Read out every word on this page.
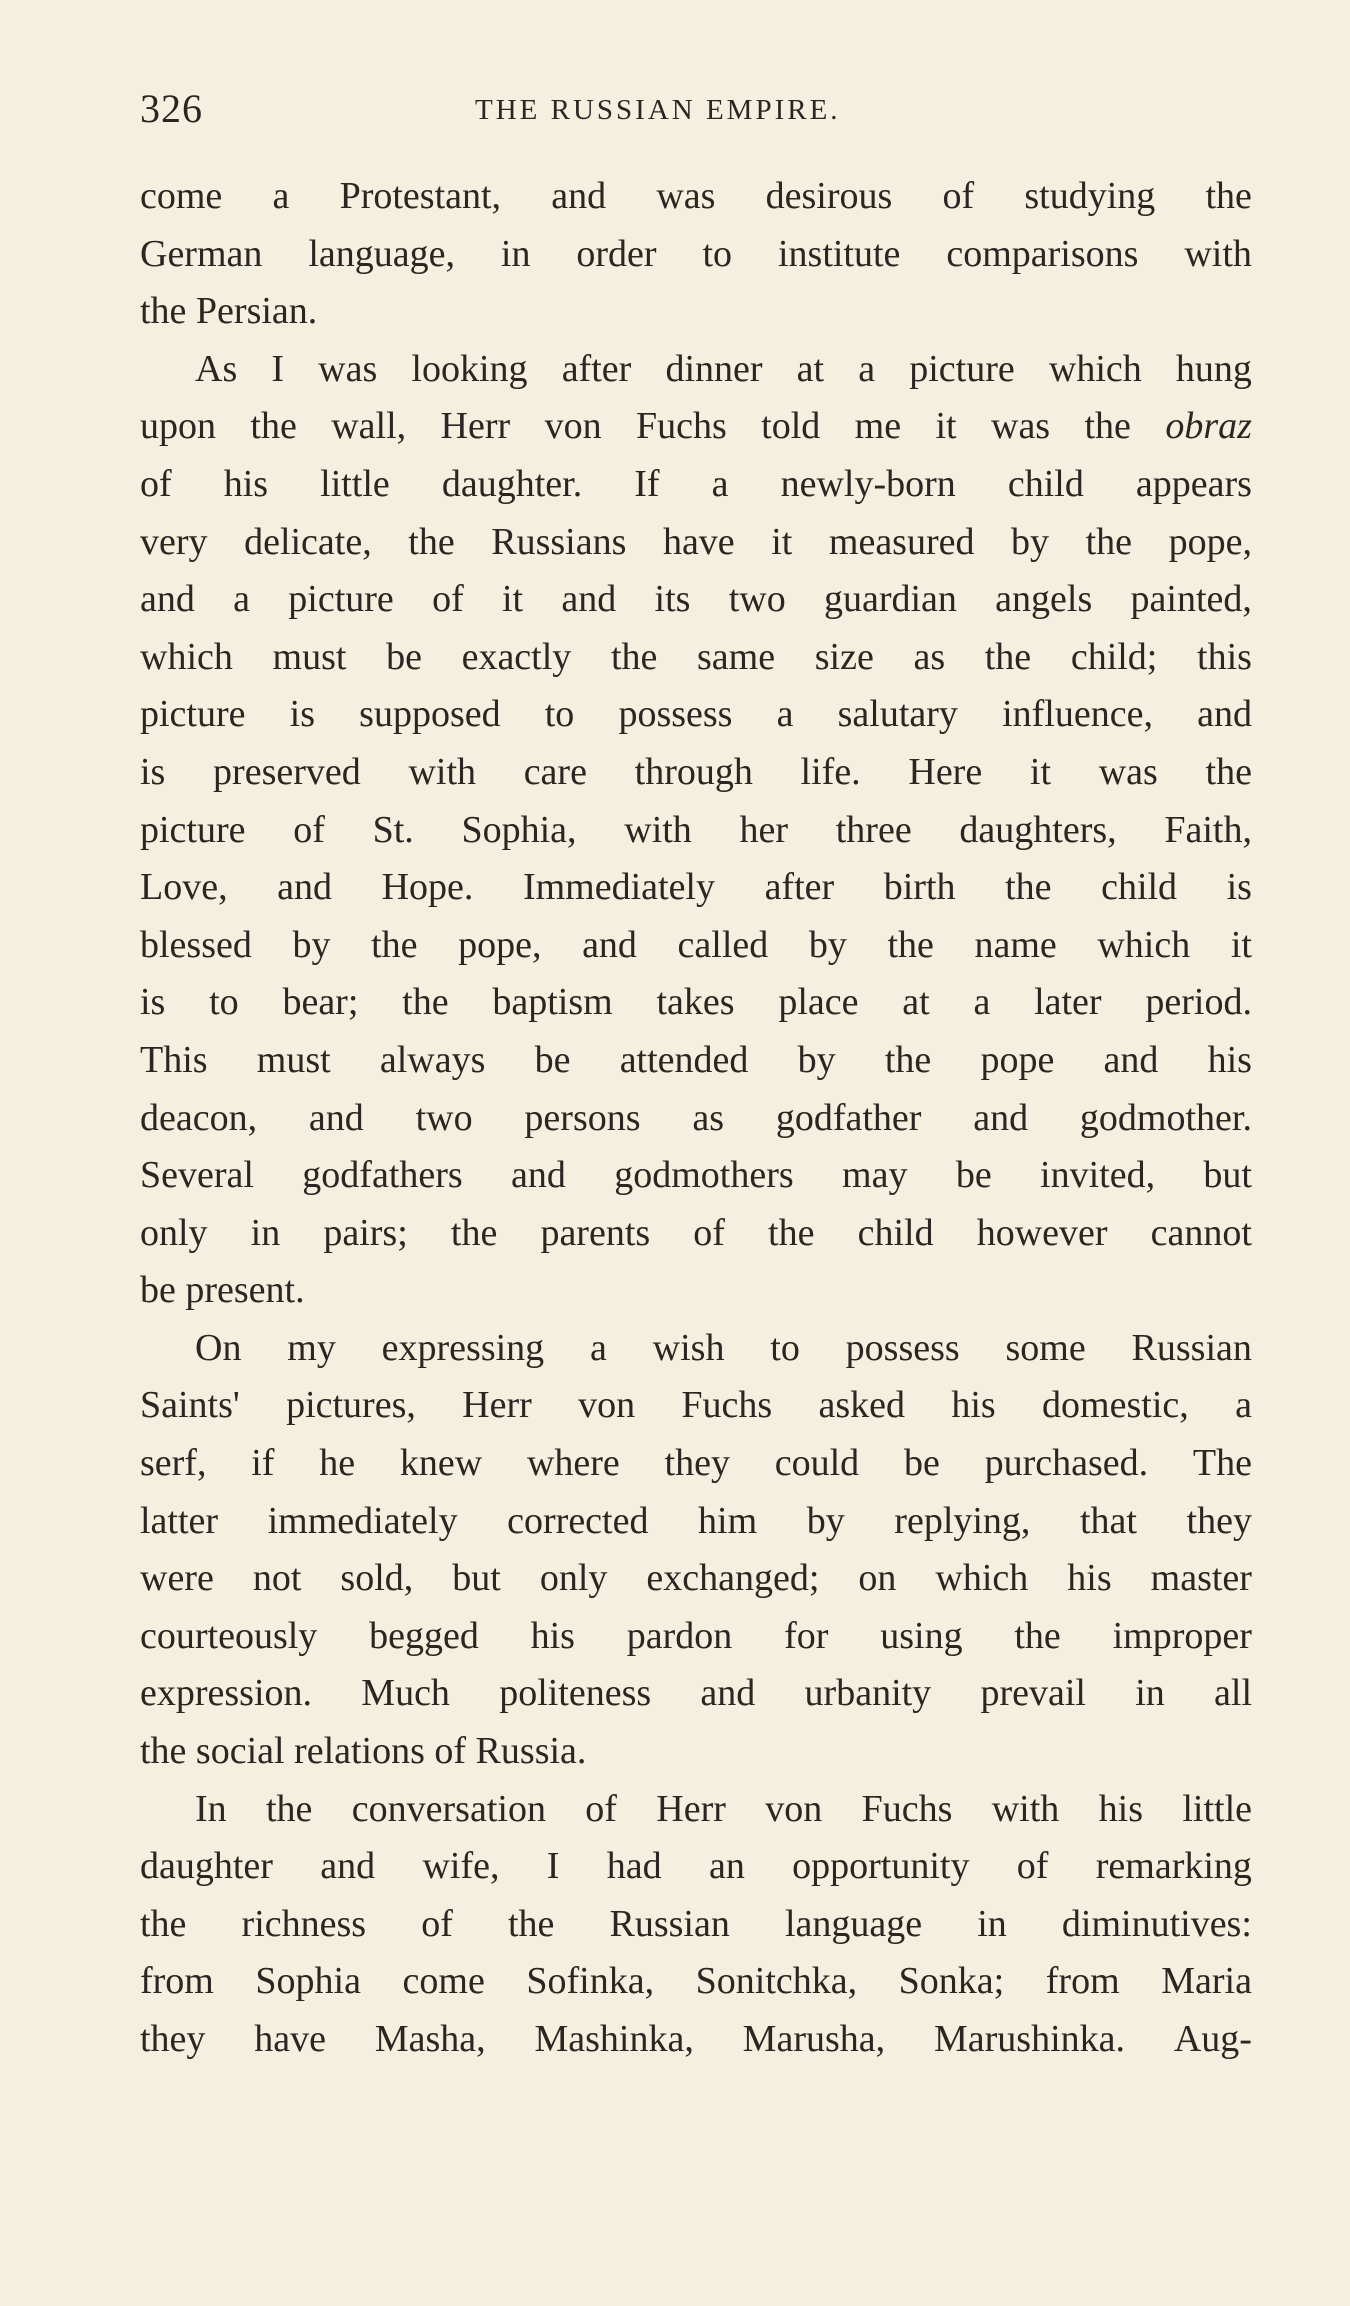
326	THE RUSSIAN EMPIRE.
come a Protestant, and was desirous of studying the
German language, in order to institute comparisons with
the Persian.
As I was looking after dinner at a picture which hung
upon the wall, Herr von Fuchs told me it was the obraz
of his little daughter. If a newly-born child appears
very delicate, the Russians have it measured by the pope,
and a picture of it and its two guardian angels painted,
which must be exactly the same size as the child; this
picture is supposed to possess a salutary influence, and
is preserved with care through life. Here it was the
picture of St. Sophia, with her three daughters, Faith,
Love, and Hope. Immediately after birth the child is
blessed by the pope, and called by the name which it
is to bear; the baptism takes place at a later period.
This must always be attended by the pope and his
deacon, and two persons as godfather and godmother.
Several godfathers and godmothers may be invited, but
only in pairs; the parents of the child however cannot
be present.
On my expressing a wish to possess some Russian
Saints' pictures, Herr von Fuchs asked his domestic, a
serf, if he knew where they could be purchased. The
latter immediately corrected him by replying, that they
were not sold, but only exchanged; on which his master
courteously begged his pardon for using the improper
expression. Much politeness and urbanity prevail in all
the social relations of Russia.
In the conversation of Herr von Fuchs with his little
daughter and wife, I had an opportunity of remarking
the richness of the Russian language in diminutives:
from Sophia come Sofinka, Sonitchka, Sonka; from Maria
they have Masha, Mashinka, Marusha, Marushinka. Aug-
